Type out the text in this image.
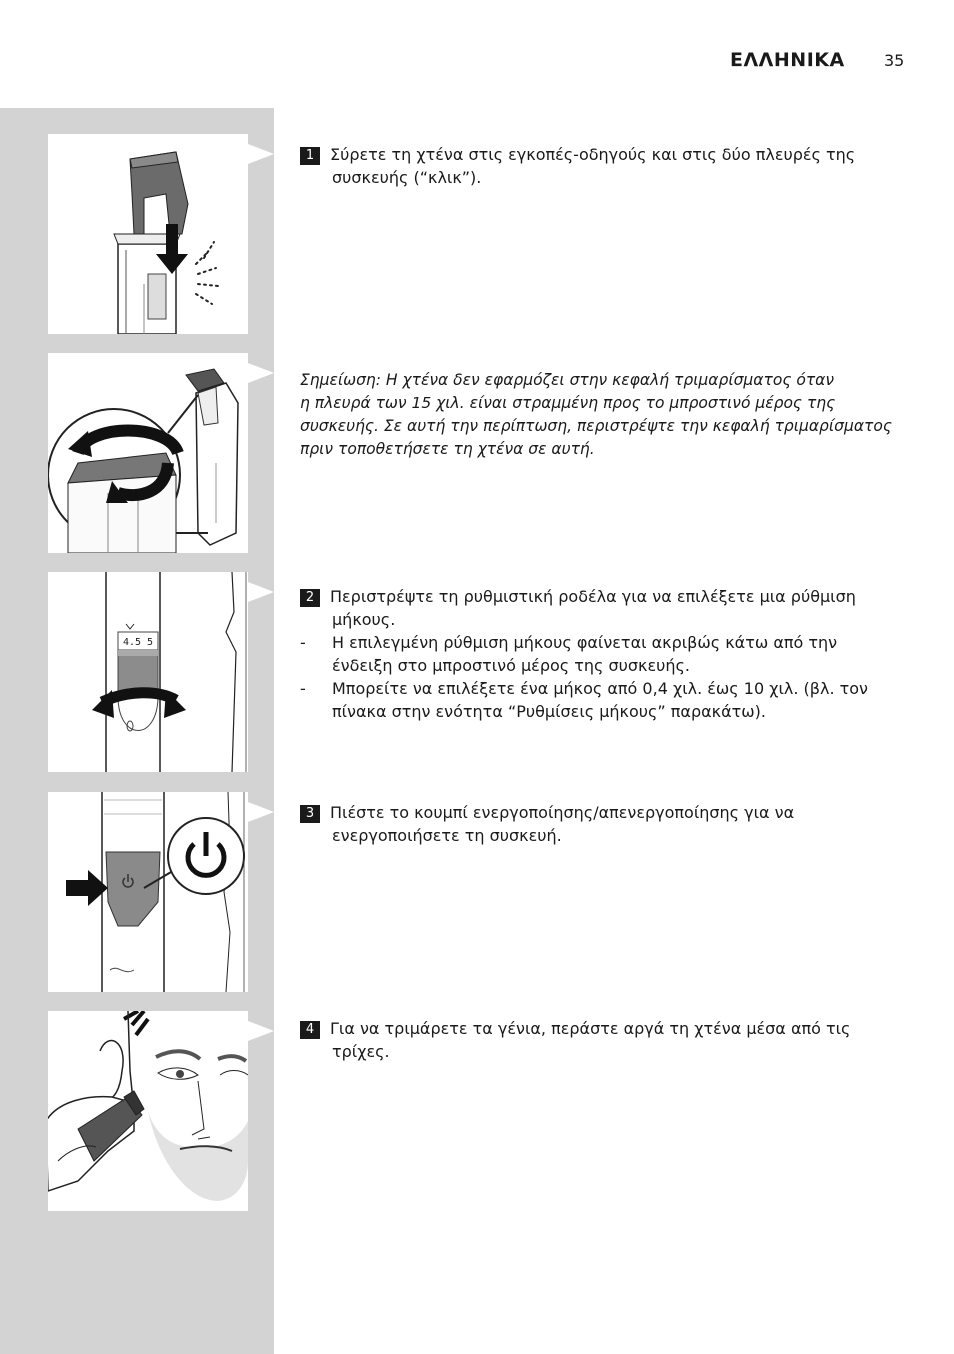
ΕΛΛΗΝΙΚΑ 35
4.5 5
1 Σύρετε τη χτένα στις εγκοπές-οδηγούς και στις δύο πλευρές της
συσκευής (“κλικ”).
Σημείωση: Η χτένα δεν εφαρμόζει στην κεφαλή τριμαρίσματος όταν
η πλευρά των 15 χιλ. είναι στραμμένη προς το μπροστινό μέρος της
συσκευής. Σε αυτή την περίπτωση, περιστρέψτε την κεφαλή τριμαρίσματος
πριν τοποθετήσετε τη χτένα σε αυτή.
2 Περιστρέψτε τη ρυθμιστική ροδέλα για να επιλέξετε μια ρύθμιση
μήκους.
-	Η επιλεγμένη ρύθμιση μήκους φαίνεται ακριβώς κάτω από την
ένδειξη στο μπροστινό μέρος της συσκευής.
-	Μπορείτε να επιλέξετε ένα μήκος από 0,4 χιλ. έως 10 χιλ. (βλ. τον
πίνακα στην ενότητα “Ρυθμίσεις μήκους” παρακάτω).
3 Πιέστε το κουμπί ενεργοποίησης/απενεργοποίησης για να
ενεργοποιήσετε τη συσκευή.
4 Για να τριμάρετε τα γένια, περάστε αργά τη χτένα μέσα από τις
τρίχες.
